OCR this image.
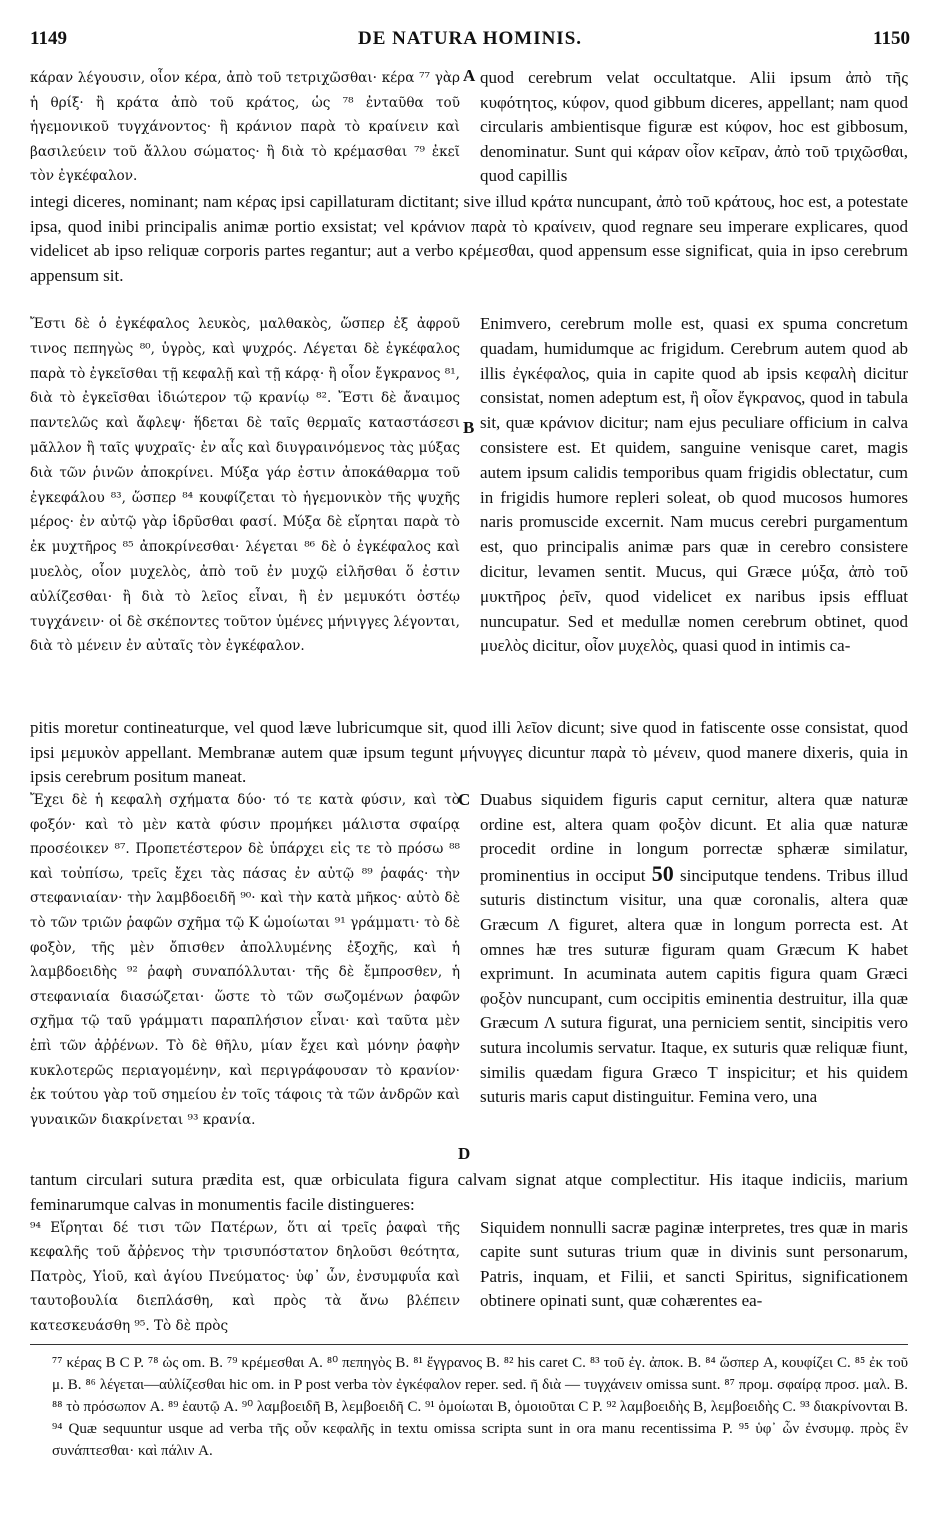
1149	DE NATURA HOMINIS.	1150
κάραν λέγουσιν, οἷον κέρα, ἀπὸ τοῦ τετριχῶσθαι· κέρα ⁷⁷ γὰρ ἡ θρίξ· ἢ κράτα ἀπὸ τοῦ κράτος, ὡς ⁷⁸ ἐνταῦθα τοῦ ἡγεμονικοῦ τυγχάνοντος· ἢ κράνιον παρὰ τὸ κραίνειν καὶ βασιλεύειν τοῦ ἄλλου σώματος· ἢ διὰ τὸ κρέμασθαι ⁷⁹ ἐκεῖ τὸν ἐγκέφαλον.
quod cerebrum velat occultatque. Alii ipsum ἀπὸ τῆς κυφότητος, κύφον, quod gibbum diceres, appellant; nam quod circularis ambientisque figuræ est κύφον, hoc est gibbosum, denominatur. Sunt qui κάραν οἷον κεῖραν, ἀπὸ τοῦ τριχῶσθαι, quod capillis
A
integi diceres, nominant; nam κέρας ipsi capillaturam dictitant; sive illud κράτα nuncupant, ἀπὸ τοῦ κράτους, hoc est, a potestate ipsa, quod inibi principalis animæ portio exsistat; vel κράνιον παρὰ τὸ κραίνειν, quod regnare seu imperare explicares, quod videlicet ab ipso reliquæ corporis partes regantur; aut a verbo κρέμεσθαι, quod appensum esse significat, quia in ipso cerebrum appensum sit.
Ἔστι δὲ ὁ ἐγκέφαλος λευκὸς, μαλθακὸς, ὥσπερ ἐξ ἀφροῦ τινος πεπηγὼς ⁸⁰, ὑγρὸς, καὶ ψυχρός. Λέγεται δὲ ἐγκέφαλος παρὰ τὸ ἐγκεῖσθαι τῇ κεφαλῇ καὶ τῇ κάρᾳ· ἢ οἷον ἔγκρανος ⁸¹, διὰ τὸ ἐγκεῖσθαι ἰδιώτερον τῷ κρανίῳ ⁸². Ἔστι δὲ ἄναιμος παντελῶς καὶ ἄφλεψ· ἥδεται δὲ ταῖς θερμαῖς καταστάσεσι μᾶλλον ἢ ταῖς ψυχραῖς· ἐν αἷς καὶ διυγραινόμενος τὰς μύξας διὰ τῶν ῥινῶν ἀποκρίνει. Μύξα γάρ ἐστιν ἀποκάθαρμα τοῦ ἐγκεφάλου ⁸³, ὥσπερ ⁸⁴ κουφίζεται τὸ ἡγεμονικὸν τῆς ψυχῆς μέρος· ἐν αὐτῷ γὰρ ἱδρῦσθαι φασί. Μύξα δὲ εἴρηται παρὰ τὸ ἐκ μυχτῆρος ⁸⁵ ἀποκρίνεσθαι· λέγεται ⁸⁶ δὲ ὁ ἐγκέφαλος καὶ μυελὸς, οἷον μυχελὸς, ἀπὸ τοῦ ἐν μυχῷ εἱλῆσθαι ὅ ἐστιν αὐλίζεσθαι· ἢ διὰ τὸ λεῖος εἶναι, ἢ ἐν μεμυκότι ὀστέῳ τυγχάνειν· οἱ δὲ σκέποντες τοῦτον ὑμένες μήνιγγες λέγονται, διὰ τὸ μένειν ἐν αὐταῖς τὸν ἐγκέφαλον.
Enimvero, cerebrum molle est, quasi ex spuma concretum quadam, humidumque ac frigidum. Cerebrum autem quod ab illis ἐγκέφαλος, quia in capite quod ab ipsis κεφαλὴ dicitur consistat, nomen adeptum est, ἢ οἷον ἔγκρανος, quod in tabula sit, quæ κράνιον dicitur; nam ejus peculiare officium in calva consistere est. Et quidem, sanguine venisque caret, magis autem ipsum calidis temporibus quam frigidis oblectatur, cum in frigidis humore repleri soleat, ob quod mucosos humores naris promuscide excernit. Nam mucus cerebri purgamentum est, quo principalis animæ pars quæ in cerebro consistere dicitur, levamen sentit. Mucus, qui Græce μύξα, ἀπὸ τοῦ μυκτῆρος ῥεῖν, quod videlicet ex naribus ipsis effluat nuncupatur. Sed et medullæ nomen cerebrum obtinet, quod μυελὸς dicitur, οἷον μυχελὸς, quasi quod in intimis ca-
B
pitis moretur contineaturque, vel quod læve lubricumque sit, quod illi λεῖον dicunt; sive quod in fatiscente osse consistat, quod ipsi μεμυκὸν appellant. Membranæ autem quæ ipsum tegunt μήνυγγες dicuntur παρὰ τὸ μένειν, quod manere dixeris, quia in ipsis cerebrum positum maneat.
Ἔχει δὲ ἡ κεφαλὴ σχήματα δύο· τό τε κατὰ φύσιν, καὶ τὸ φοξόν· καὶ τὸ μὲν κατὰ φύσιν προμήκει μάλιστα σφαίρᾳ προσέοικεν ⁸⁷. Προπετέστερον δὲ ὑπάρχει εἰς τε τὸ πρόσω ⁸⁸ καὶ τοὐπίσω, τρεῖς ἔχει τὰς πάσας ἐν αὐτῷ ⁸⁹ ῥαφάς· τὴν στεφανιαίαν· τὴν λαμβδοειδῆ ⁹⁰· καὶ τὴν κατὰ μῆκος· αὐτὸ δὲ τὸ τῶν τριῶν ῥαφῶν σχῆμα τῷ Κ ὡμοίωται ⁹¹ γράμματι· τὸ δὲ φοξὸν, τῆς μὲν ὄπισθεν ἀπολλυμένης ἐξοχῆς, καὶ ἡ λαμβδοειδὴς ⁹² ῥαφὴ συναπόλλυται· τῆς δὲ ἔμπροσθεν, ἡ στεφανιαία διασώζεται· ὥστε τὸ τῶν σωζομένων ῥαφῶν σχῆμα τῷ ταῦ γράμματι παραπλήσιον εἶναι· καὶ ταῦτα μὲν ἐπὶ τῶν ἀῤῥένων. Τὸ δὲ θῆλυ, μίαν ἔχει καὶ μόνην ῥαφὴν κυκλοτερῶς περιαγομένην, καὶ περιγράφουσαν τὸ κρανίον· ἐκ τούτου γὰρ τοῦ σημείου ἐν τοῖς τάφοις τὰ τῶν ἀνδρῶν καὶ γυναικῶν διακρίνεται ⁹³ κρανία.
Duabus siquidem figuris caput cernitur, altera quæ naturæ ordine est, altera quam φοξὸν dicunt. Et alia quæ naturæ procedit ordine in longum porrectæ sphæræ similatur, prominentius in occiput 50 sinciputque tendens. Tribus illud suturis distinctum visitur, una quæ coronalis, altera quæ Græcum Λ figuret, altera quæ in longum porrecta est. At omnes hæ tres suturæ figuram quam Græcum Κ habet exprimunt. In acuminata autem capitis figura quam Græci φοξὸν nuncupant, cum occipitis eminentia destruitur, illa quæ Græcum Λ sutura figurat, una perniciem sentit, sincipitis vero sutura incolumis servatur. Itaque, ex suturis quæ reliquæ fiunt, similis quædam figura Græco Τ inspicitur; et his quidem suturis maris caput distinguitur. Femina vero, una
C
D
tantum circulari sutura prædita est, quæ orbiculata figura calvam signat atque complectitur. His itaque indiciis, marium feminarumque calvas in monumentis facile distingueres:
⁹⁴ Εἴρηται δέ τισι τῶν Πατέρων, ὅτι αἱ τρεῖς ῥαφαὶ τῆς κεφαλῆς τοῦ ἄῤῥενος τὴν τρισυπόστατον δηλοῦσι θεότητα, Πατρὸς, Υἱοῦ, καὶ ἁγίου Πνεύματος· ὑφ᾽ ὧν, ἐνσυμφυΐα καὶ ταυτοβουλία διεπλάσθη, καὶ πρὸς τὰ ἄνω βλέπειν κατεσκευάσθη ⁹⁵. Τὸ δὲ πρὸς
Siquidem nonnulli sacræ paginæ interpretes, tres quæ in maris capite sunt suturas trium quæ in divinis sunt personarum, Patris, inquam, et Filii, et sancti Spiritus, significationem obtinere opinati sunt, quæ cohærentes ea-
⁷⁷ κέρας B C P. ⁷⁸ ὡς om. B. ⁷⁹ κρέμεσθαι A. ⁸⁰ πεπηγὸς B. ⁸¹ ἔγγρανος B. ⁸² his caret C. ⁸³ τοῦ ἐγ. ἀποκ. B. ⁸⁴ ὥσπερ A, κουφίζει C. ⁸⁵ ἐκ τοῦ μ. B. ⁸⁶ λέγεται—αὐλίζεσθαι hic om. in P post verba τὸν ἐγκέφαλον reper. sed. ῆ διὰ — τυγχάνειν omissa sunt. ⁸⁷ προμ. σφαίρᾳ προσ. μαλ. B. ⁸⁸ τὸ πρόσωπον A. ⁸⁹ ἑαυτῷ A. ⁹⁰ λαμβοειδῆ B, λεμβοειδῆ C. ⁹¹ ὁμοίωται B, ὁμοιοῦται C P. ⁹² λαμβοειδὴς B, λεμβοειδὴς C. ⁹³ διακρίνονται B. ⁹⁴ Quæ sequuntur usque ad verba τῆς οὖν κεφαλῆς in textu omissa scripta sunt in ora manu recentissima P. ⁹⁵ ὑφ᾽ ὧν ἐνσυμφ. πρὸς ἓν συνάπτεσθαι· καὶ πάλιν A.
